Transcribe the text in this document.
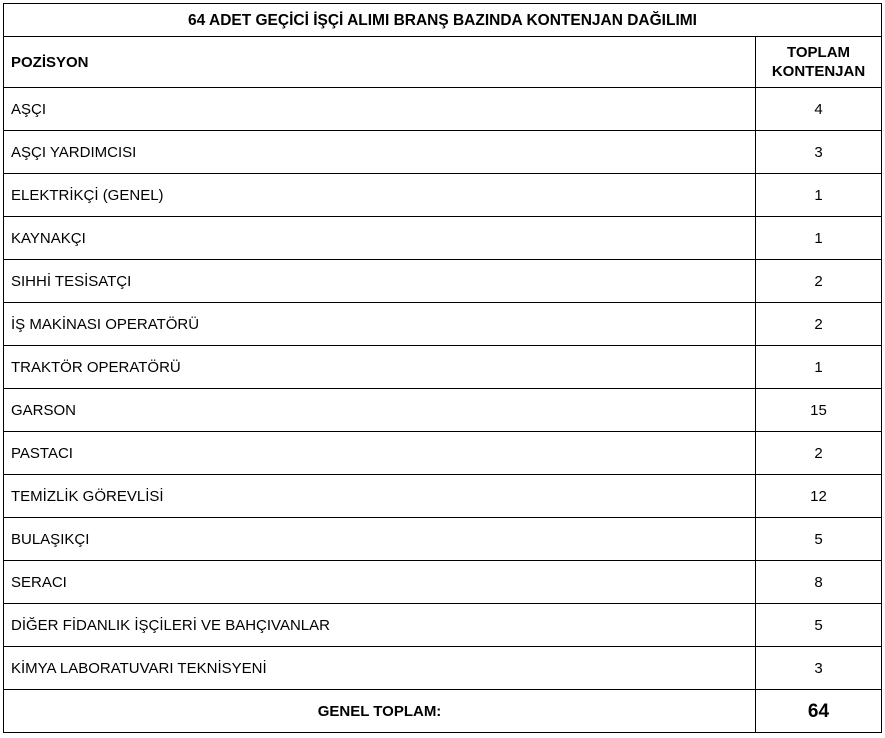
64 ADET GEÇİCİ İŞÇİ ALIMI BRANŞ BAZINDA KONTENJAN DAĞILIMI	
POZİSYON	TOPLAM
KONTENJAN
AŞÇI	4
AŞÇI YARDIMCISI	3
ELEKTRİKÇİ (GENEL)	1
KAYNAKÇI	1
SIHHİ TESİSATÇI	2
İŞ MAKİNASI OPERATÖRÜ	2
TRAKTÖR OPERATÖRÜ	1
GARSON	15
PASTACI	2
TEMİZLİK GÖREVLİSİ	12
BULAŞIKÇI	5
SERACI	8
DİĞER FİDANLIK İŞÇİLERİ VE BAHÇIVANLAR	5
KİMYA LABORATUVARI TEKNİSYENİ	3
GENEL TOPLAM:	64
